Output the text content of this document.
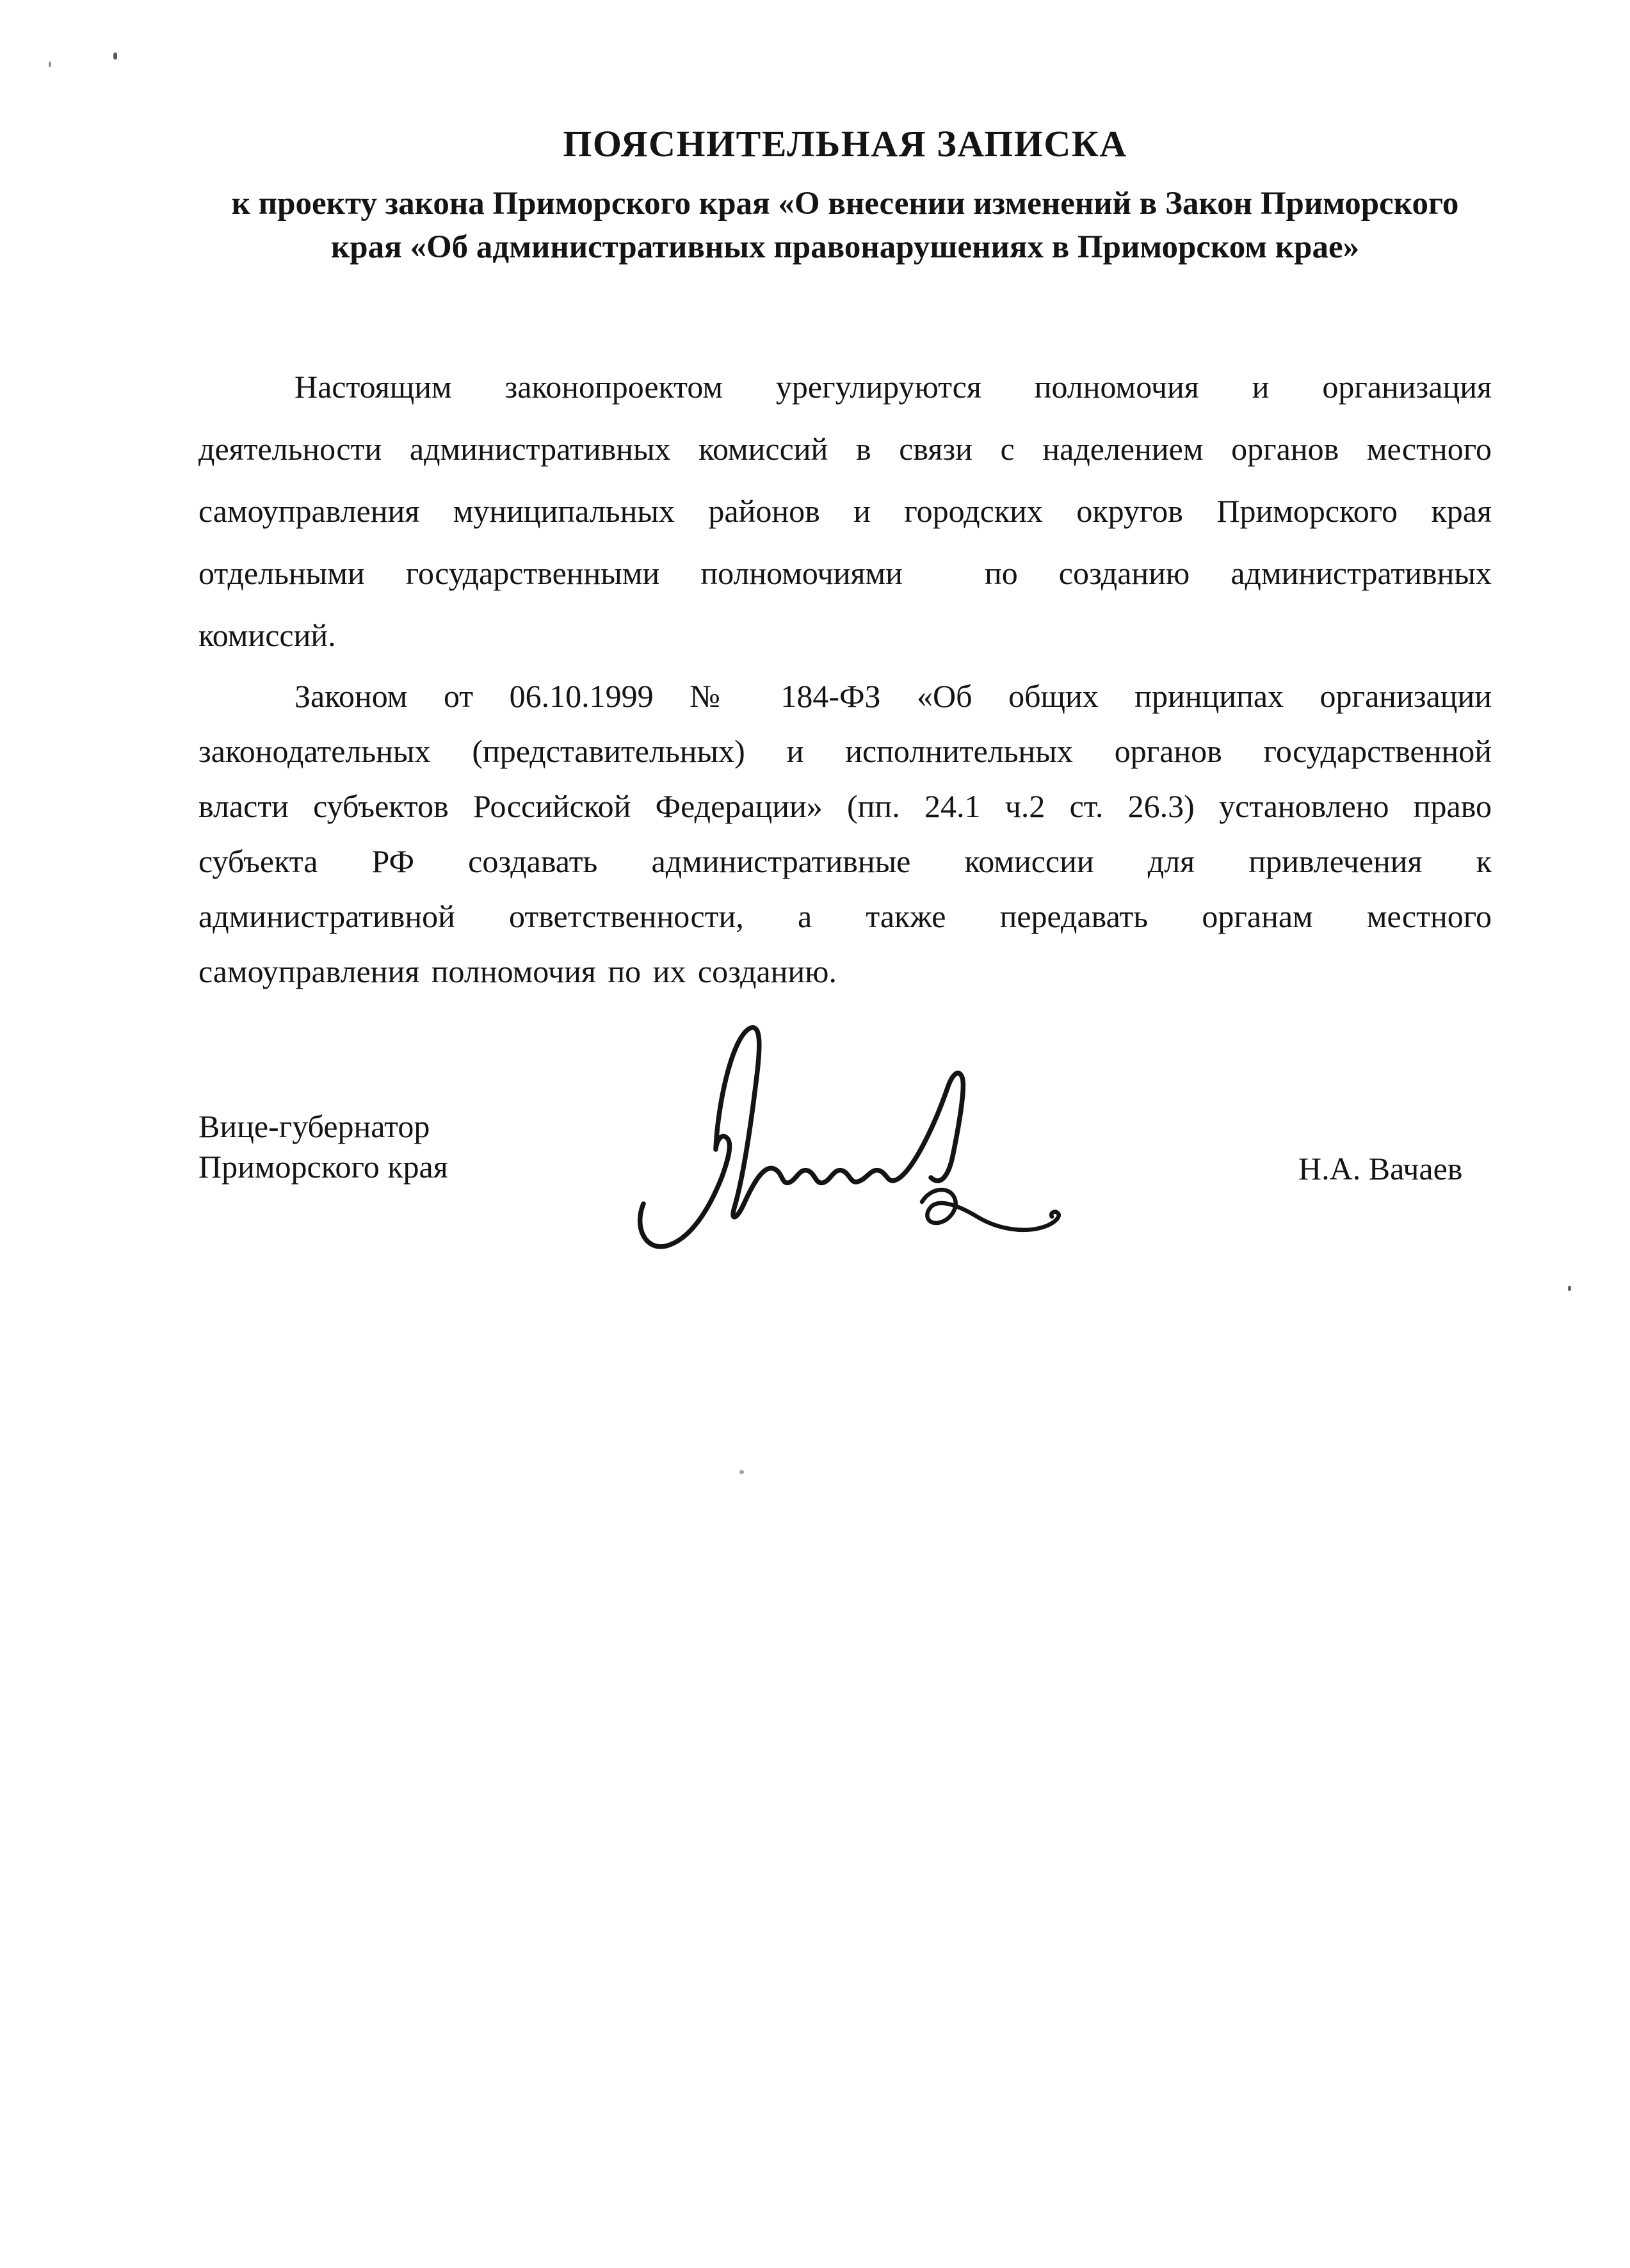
ПОЯСНИТЕЛЬНАЯ ЗАПИСКА
к проекту закона Приморского края «О внесении изменений в Закон Приморского
края «Об административных правонарушениях в Приморском крае»
Настоящим законопроектом урегулируются полномочия и организация
деятельности административных комиссий в связи с наделением органов местного
самоуправления муниципальных районов и городских округов Приморского края
отдельными государственными полномочиями  по созданию административных
комиссий.
Законом от 06.10.1999 № 184-ФЗ «Об общих принципах организации
законодательных (представительных) и исполнительных органов государственной
власти субъектов Российской Федерации» (пп. 24.1 ч.2 ст. 26.3) установлено право
субъекта РФ создавать административные комиссии для привлечения к
административной ответственности, а также передавать органам местного
самоуправления полномочия по их созданию.
Вице-губернатор
Приморского края	Н.А. Вачаев
